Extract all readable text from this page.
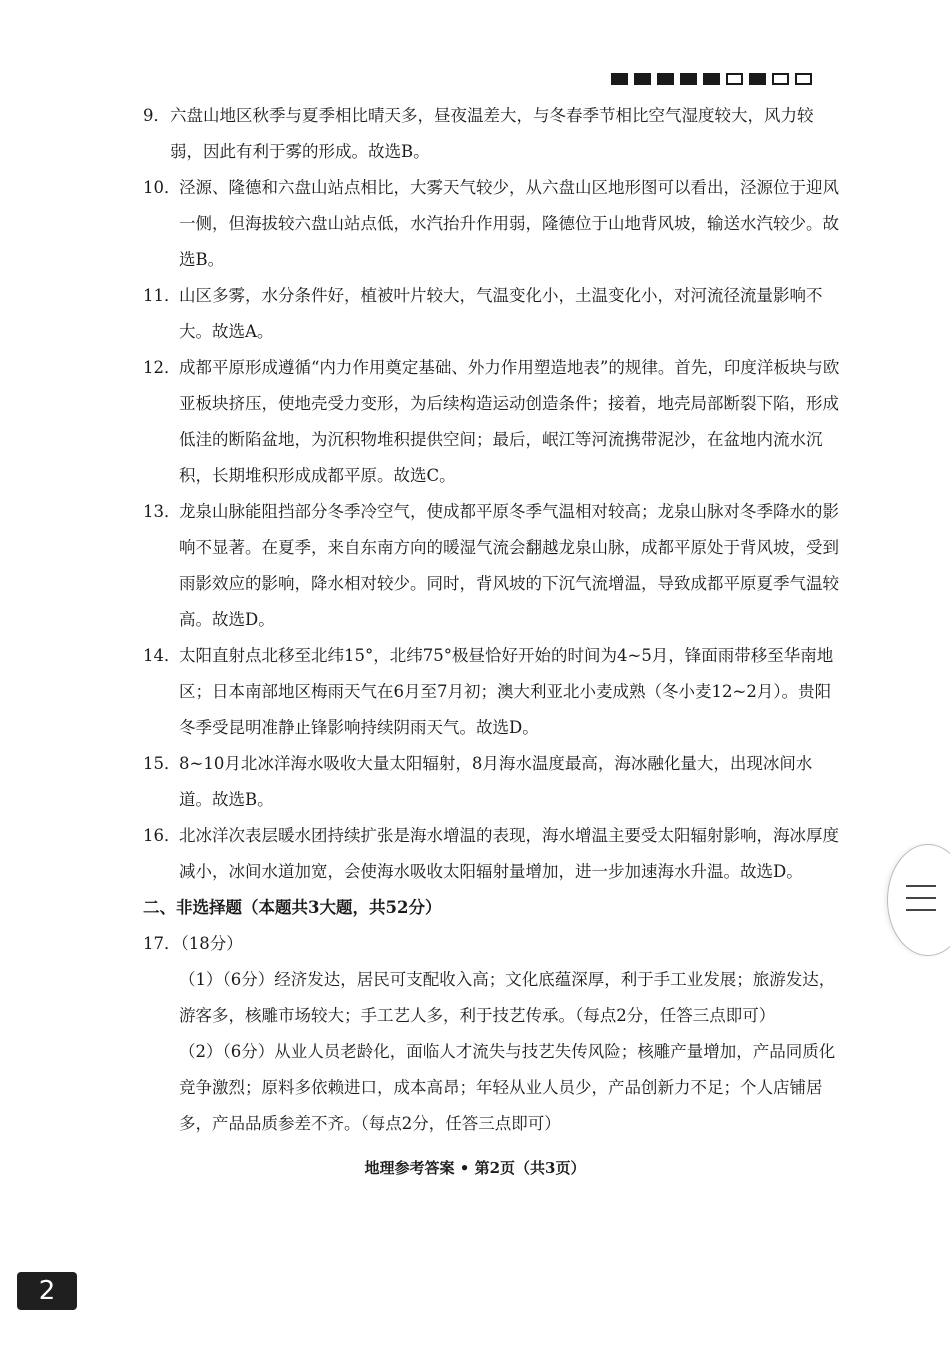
9． 六盘山地区秋季与夏季相比晴天多，昼夜温差大，与冬春季节相比空气湿度较大，风力较弱，因此有利于雾的形成。故选B。
10．
泾源、隆德和六盘山站点相比，大雾天气较少，从六盘山区地形图可以看出，泾源位于迎风一侧，但海拔较六盘山站点低，水汽抬升作用弱，隆德位于山地背风坡，输送水汽较少。故选B。
11．
山区多雾，水分条件好，植被叶片较大，气温变化小，土温变化小，对河流径流量影响不大。故选A。
12．
成都平原形成遵循“内力作用奠定基础、外力作用塑造地表”的规律。首先，印度洋板块与欧亚板块挤压，使地壳受力变形，为后续构造运动创造条件；接着，地壳局部断裂下陷，形成低洼的断陷盆地，为沉积物堆积提供空间；最后，岷江等河流携带泥沙，在盆地内流水沉积，长期堆积形成成都平原。故选C。
13．
龙泉山脉能阻挡部分冬季冷空气，使成都平原冬季气温相对较高；龙泉山脉对冬季降水的影响不显著。在夏季，来自东南方向的暖湿气流会翻越龙泉山脉，成都平原处于背风坡，受到雨影效应的影响，降水相对较少。同时，背风坡的下沉气流增温，导致成都平原夏季气温较高。故选D。
14．
太阳直射点北移至北纬15°，北纬75°极昼恰好开始的时间为4~5月，锋面雨带移至华南地区；日本南部地区梅雨天气在6月至7月初；澳大利亚北小麦成熟（冬小麦12~2月）。贵阳冬季受昆明准静止锋影响持续阴雨天气。故选D。
15．
8~10月北冰洋海水吸收大量太阳辐射，8月海水温度最高，海冰融化量大，出现冰间水道。故选B。
16．
北冰洋次表层暖水团持续扩张是海水增温的表现，海水增温主要受太阳辐射影响，海冰厚度减小，冰间水道加宽，会使海水吸收太阳辐射量增加，进一步加速海水升温。故选D。
二、非选择题（本题共3大题，共52分）
17．（18分）
（1）（6分）经济发达，居民可支配收入高；文化底蕴深厚，利于手工业发展；旅游发达，游客多，核雕市场较大；手工艺人多，利于技艺传承。（每点2分，任答三点即可）
（2）（6分）从业人员老龄化，面临人才流失与技艺失传风险；核雕产量增加，产品同质化竞争激烈；原料多依赖进口，成本高昂；年轻从业人员少，产品创新力不足；个人店铺居多，产品品质参差不齐。（每点2分，任答三点即可）
地理参考答案 • 第2页（共3页）
2
